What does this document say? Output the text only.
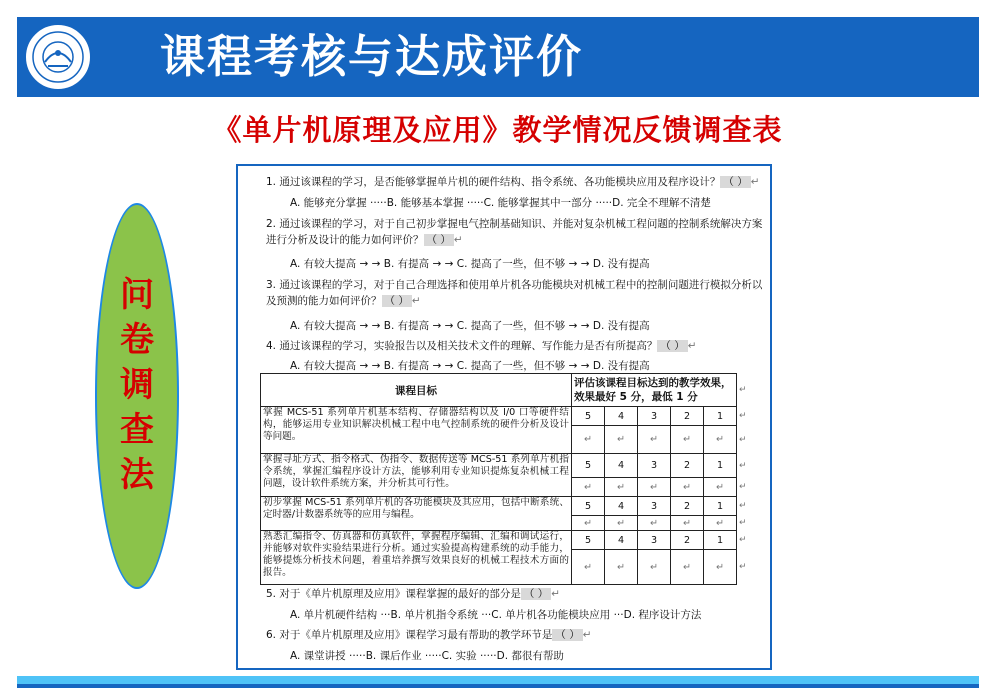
课程考核与达成评价
《单片机原理及应用》教学情况反馈调查表
问
卷
调
查
法
1. 通过该课程的学习，是否能够掌握单片机的硬件结构、指令系统、各功能模块应用及程序设计？ （ ） ↵
A. 能够充分掌握 ·····B. 能够基本掌握 ·····C. 能够掌握其中一部分 ·····D. 完全不理解不清楚
2. 通过该课程的学习，对于自己初步掌握电气控制基础知识、并能对复杂机械工程问题的控制系统解决方案进行分析及设计的能力如何评价？ （ ） ↵
A. 有较大提高 → → B. 有提高 → → C. 提高了一些，但不够 → → D. 没有提高
3. 通过该课程的学习，对于自己合理选择和使用单片机各功能模块对机械工程中的控制问题进行模拟分析以及预测的能力如何评价？ （ ） ↵
A. 有较大提高 → → B. 有提高 → → C. 提高了一些，但不够 → → D. 没有提高
4. 通过该课程的学习，实验报告以及相关技术文件的理解、写作能力是否有所提高？ （ ） ↵
A. 有较大提高 → → B. 有提高 → → C. 提高了一些，但不够 → → D. 没有提高
课程目标	评估该课程目标达到的教学效果，效果最好 5 分，最低 1 分					↵
掌握 MCS-51 系列单片机基本结构、存储器结构以及 I/0 口等硬件结构，能够运用专业知识解决机械工程中电气控制系统的硬件分析及设计等问题。	5	4	3	2	1	↵
	↵	↵	↵	↵	↵	↵
掌握寻址方式、指令格式、伪指令、数据传送等 MCS-51 系列单片机指令系统，掌握汇编程序设计方法，能够利用专业知识提炼复杂机械工程问题，设计软件系统方案，并分析其可行性。	5	4	3	2	1	↵
	↵	↵	↵	↵	↵	↵
初步掌握 MCS-51 系列单片机的各功能模块及其应用，包括中断系统、定时器/计数器系统等的应用与编程。	5	4	3	2	1	↵
	↵	↵	↵	↵	↵	↵
熟悉汇编指令、仿真器和仿真软件，掌握程序编辑、汇编和调试运行，并能够对软件实验结果进行分析。通过实验提高构建系统的动手能力，能够提炼分析技术问题，着重培养撰写效果良好的机械工程技术方面的报告。	5	4	3	2	1	↵
	↵	↵	↵	↵	↵	↵
5. 对于《单片机原理及应用》课程掌握的最好的部分是 （ ） ↵
A. 单片机硬件结构 ···B. 单片机指令系统 ···C. 单片机各功能模块应用 ···D. 程序设计方法
6. 对于《单片机原理及应用》课程学习最有帮助的教学环节是 （ ） ↵
A. 课堂讲授 ·····B. 课后作业 ·····C. 实验 ·····D. 都很有帮助
